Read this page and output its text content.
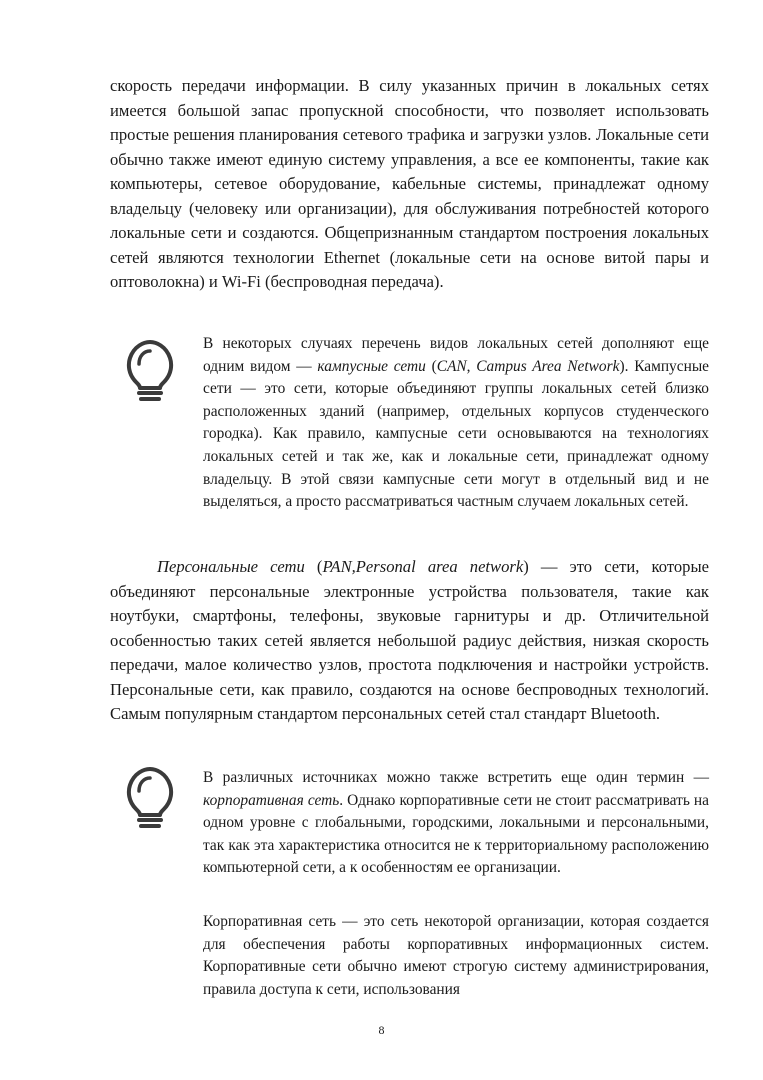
скорость передачи информации. В силу указанных причин в локальных сетях имеется большой запас пропускной способности, что позволяет использовать простые решения планирования сетевого трафика и загрузки узлов. Локальные сети обычно также имеют единую систему управления, а все ее компоненты, такие как компьютеры, сетевое оборудование, кабельные системы, принадлежат одному владельцу (человеку или организации), для обслуживания потребностей которого локальные сети и создаются. Общепризнанным стандартом построения локальных сетей являются технологии Ethernet (локальные сети на основе витой пары и оптоволокна) и Wi-Fi (беспроводная передача).

В некоторых случаях перечень видов локальных сетей дополняют еще одним видом — кампусные сети (CAN, Campus Area Network). Кампусные сети — это сети, которые объединяют группы локальных сетей близко расположенных зданий (например, отдельных корпусов студенческого городка). Как правило, кампусные сети основываются на технологиях локальных сетей и так же, как и локальные сети, принадлежат одному владельцу. В этой связи кампусные сети могут в отдельный вид и не выделяться, а просто рассматриваться частным случаем локальных сетей.

Персональные сети (PAN,Personal area network) — это сети, которые объединяют персональные электронные устройства пользователя, такие как ноутбуки, смартфоны, телефоны, звуковые гарнитуры и др. Отличительной особенностью таких сетей является небольшой радиус действия, низкая скорость передачи, малое количество узлов, простота подключения и настройки устройств. Персональные сети, как правило, создаются на основе беспроводных технологий. Самым популярным стандартом персональных сетей стал стандарт Bluetooth.

В различных источниках можно также встретить еще один термин — корпоративная сеть. Однако корпоративные сети не стоит рассматривать на одном уровне с глобальными, городскими, локальными и персональными, так как эта характеристика относится не к территориальному расположению компьютерной сети, а к особенностям ее организации.

Корпоративная сеть — это сеть некоторой организации, которая создается для обеспечения работы корпоративных информационных систем. Корпоративные сети обычно имеют строгую систему администрирования, правила доступа к сети, использования

8
